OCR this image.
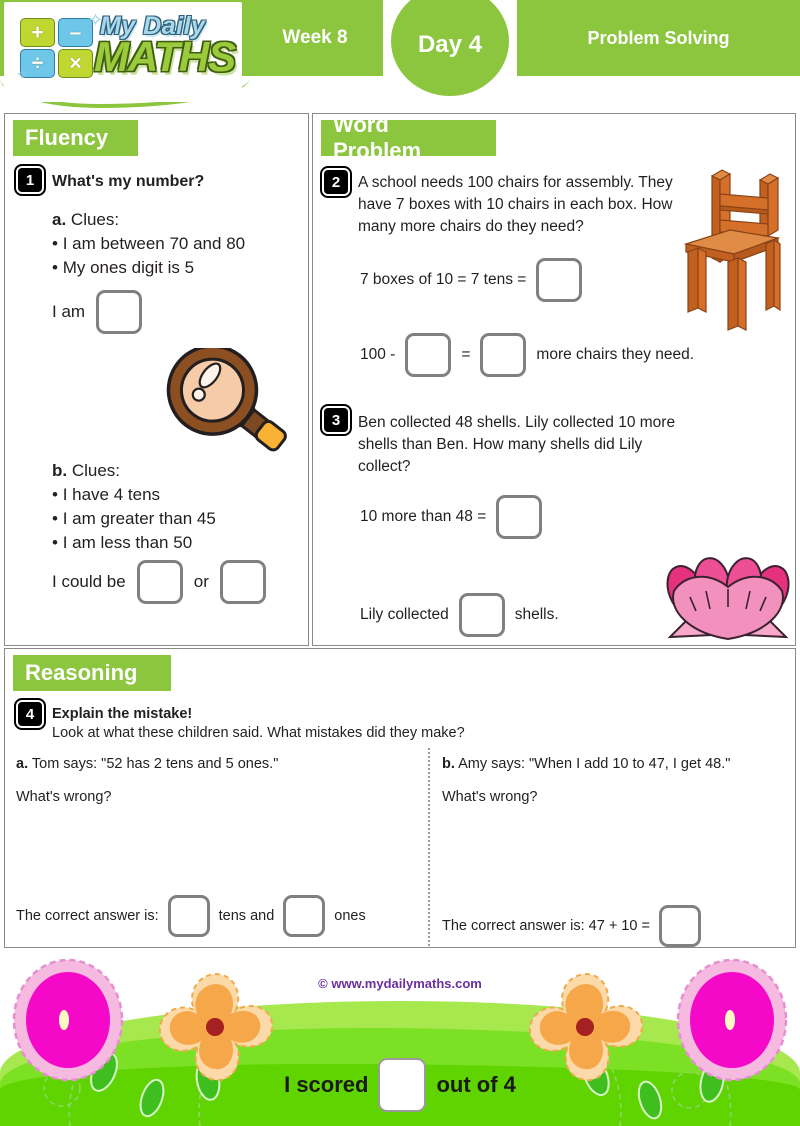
Week 8	Day 4	Problem Solving
+	–
÷	×
✧
✧
My Daily
MATHS
Fluency
1	What's my number?
a. Clues:
• I am between 70 and 80
• My ones digit is 5
I am
b. Clues:
• I have 4 tens
• I am greater than 45
• I am less than 50
I could be	or
Word Problem
2	A school needs 100 chairs for assembly. They have 7 boxes with 10 chairs in each box. How many more chairs do they need?
7 boxes of 10 = 7 tens =
100 -	=	more chairs they need.
3	Ben collected 48 shells. Lily collected 10 more shells than Ben. How many shells did Lily collect?
10 more than 48 =
Lily collected	shells.
Reasoning
4	Explain the mistake!
Look at what these children said. What mistakes did they make?
a. Tom says: "52 has 2 tens and 5 ones."
What's wrong?
The correct answer is:	tens and	ones
b. Amy says: "When I add 10 to 47, I get 48."
What's wrong?
The correct answer is: 47 + 10 =
© www.mydailymaths.com
I scored	out of 4
